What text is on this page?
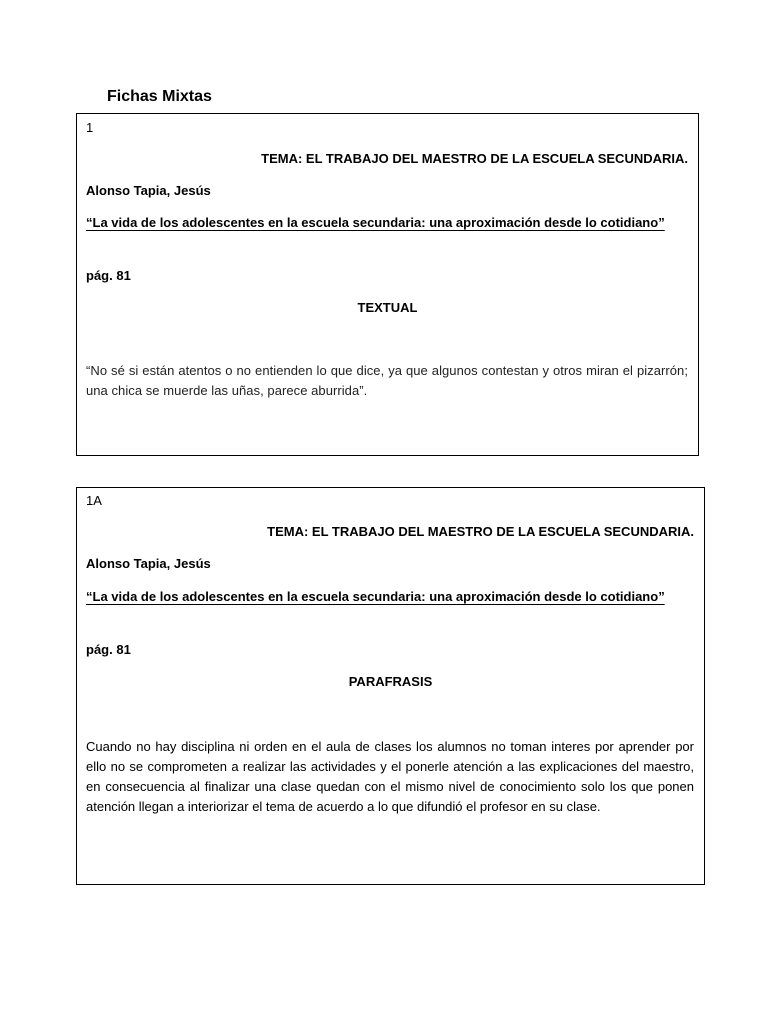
Fichas Mixtas
1
TEMA: EL TRABAJO DEL MAESTRO DE LA ESCUELA SECUNDARIA.
Alonso Tapia, Jesús
“La vida de los adolescentes en la escuela secundaria: una aproximación desde lo cotidiano”
pág. 81
TEXTUAL
“No sé si están atentos o no entienden lo que dice, ya que algunos contestan y otros miran el pizarrón; una chica se muerde las uñas, parece aburrida”.
1A
TEMA: EL TRABAJO DEL MAESTRO DE LA ESCUELA SECUNDARIA.
Alonso Tapia, Jesús
“La vida de los adolescentes en la escuela secundaria: una aproximación desde lo cotidiano”
pág. 81
PARAFRASIS
Cuando no hay disciplina ni orden en el aula de clases los alumnos no toman interes por aprender por ello no se comprometen a realizar las actividades y el ponerle atención a las explicaciones del maestro, en consecuencia al finalizar una clase quedan con el mismo nivel de conocimiento solo los que ponen atención llegan a interiorizar el tema de acuerdo a lo que difundió el profesor en su clase.
